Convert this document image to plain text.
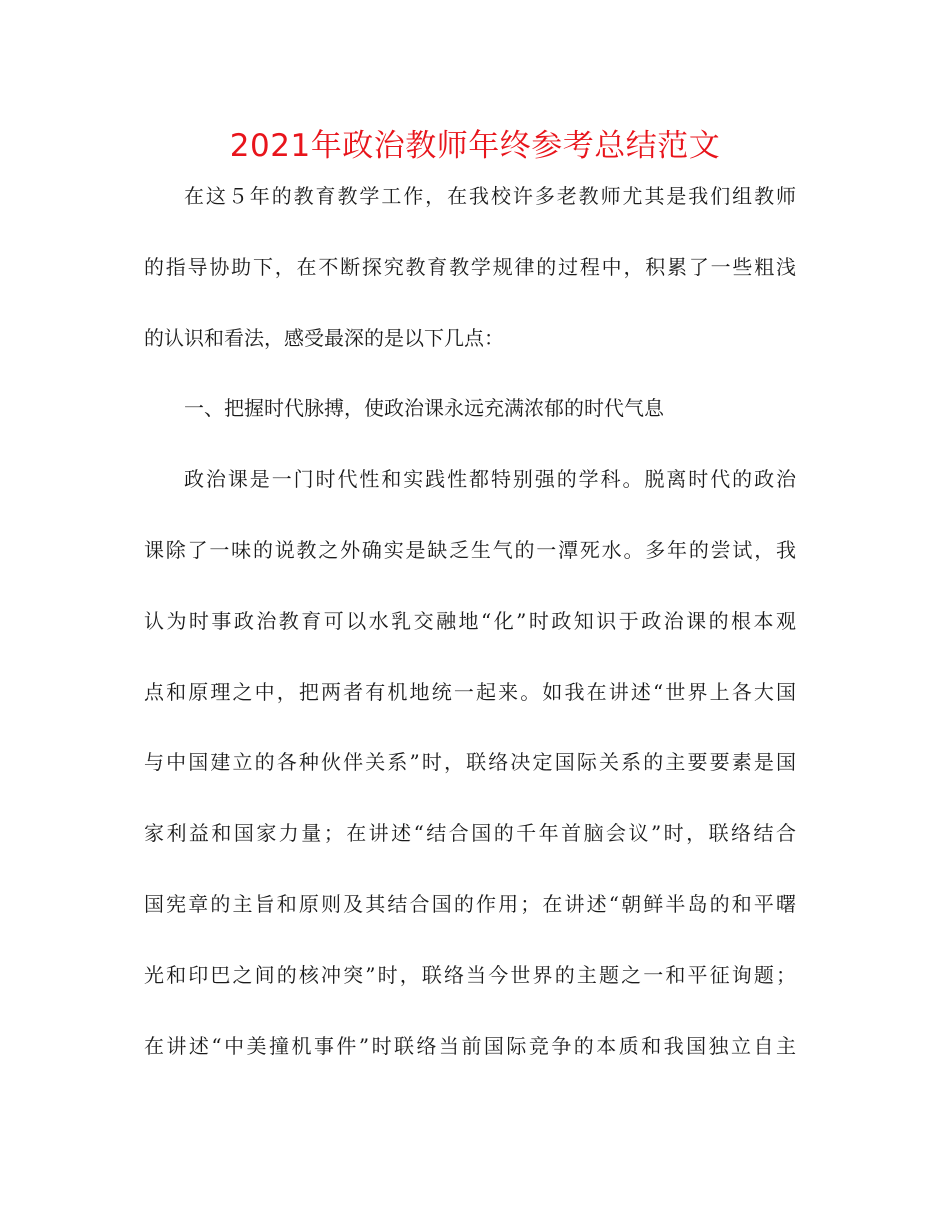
2021年政治教师年终参考总结范文
在这５年的教育教学工作，在我校许多老教师尤其是我们组教师
的指导协助下，在不断探究教育教学规律的过程中，积累了一些粗浅
的认识和看法，感受最深的是以下几点：
一、把握时代脉搏，使政治课永远充满浓郁的时代气息
政治课是一门时代性和实践性都特别强的学科。脱离时代的政治
课除了一味的说教之外确实是缺乏生气的一潭死水。多年的尝试，我
认为时事政治教育可以水乳交融地“化”时政知识于政治课的根本观
点和原理之中，把两者有机地统一起来。如我在讲述“世界上各大国
与中国建立的各种伙伴关系”时，联络决定国际关系的主要要素是国
家利益和国家力量；在讲述“结合国的千年首脑会议”时，联络结合
国宪章的主旨和原则及其结合国的作用；在讲述“朝鲜半岛的和平曙
光和印巴之间的核冲突”时，联络当今世界的主题之一和平征询题；
在讲述“中美撞机事件”时联络当前国际竞争的本质和我国独立自主
